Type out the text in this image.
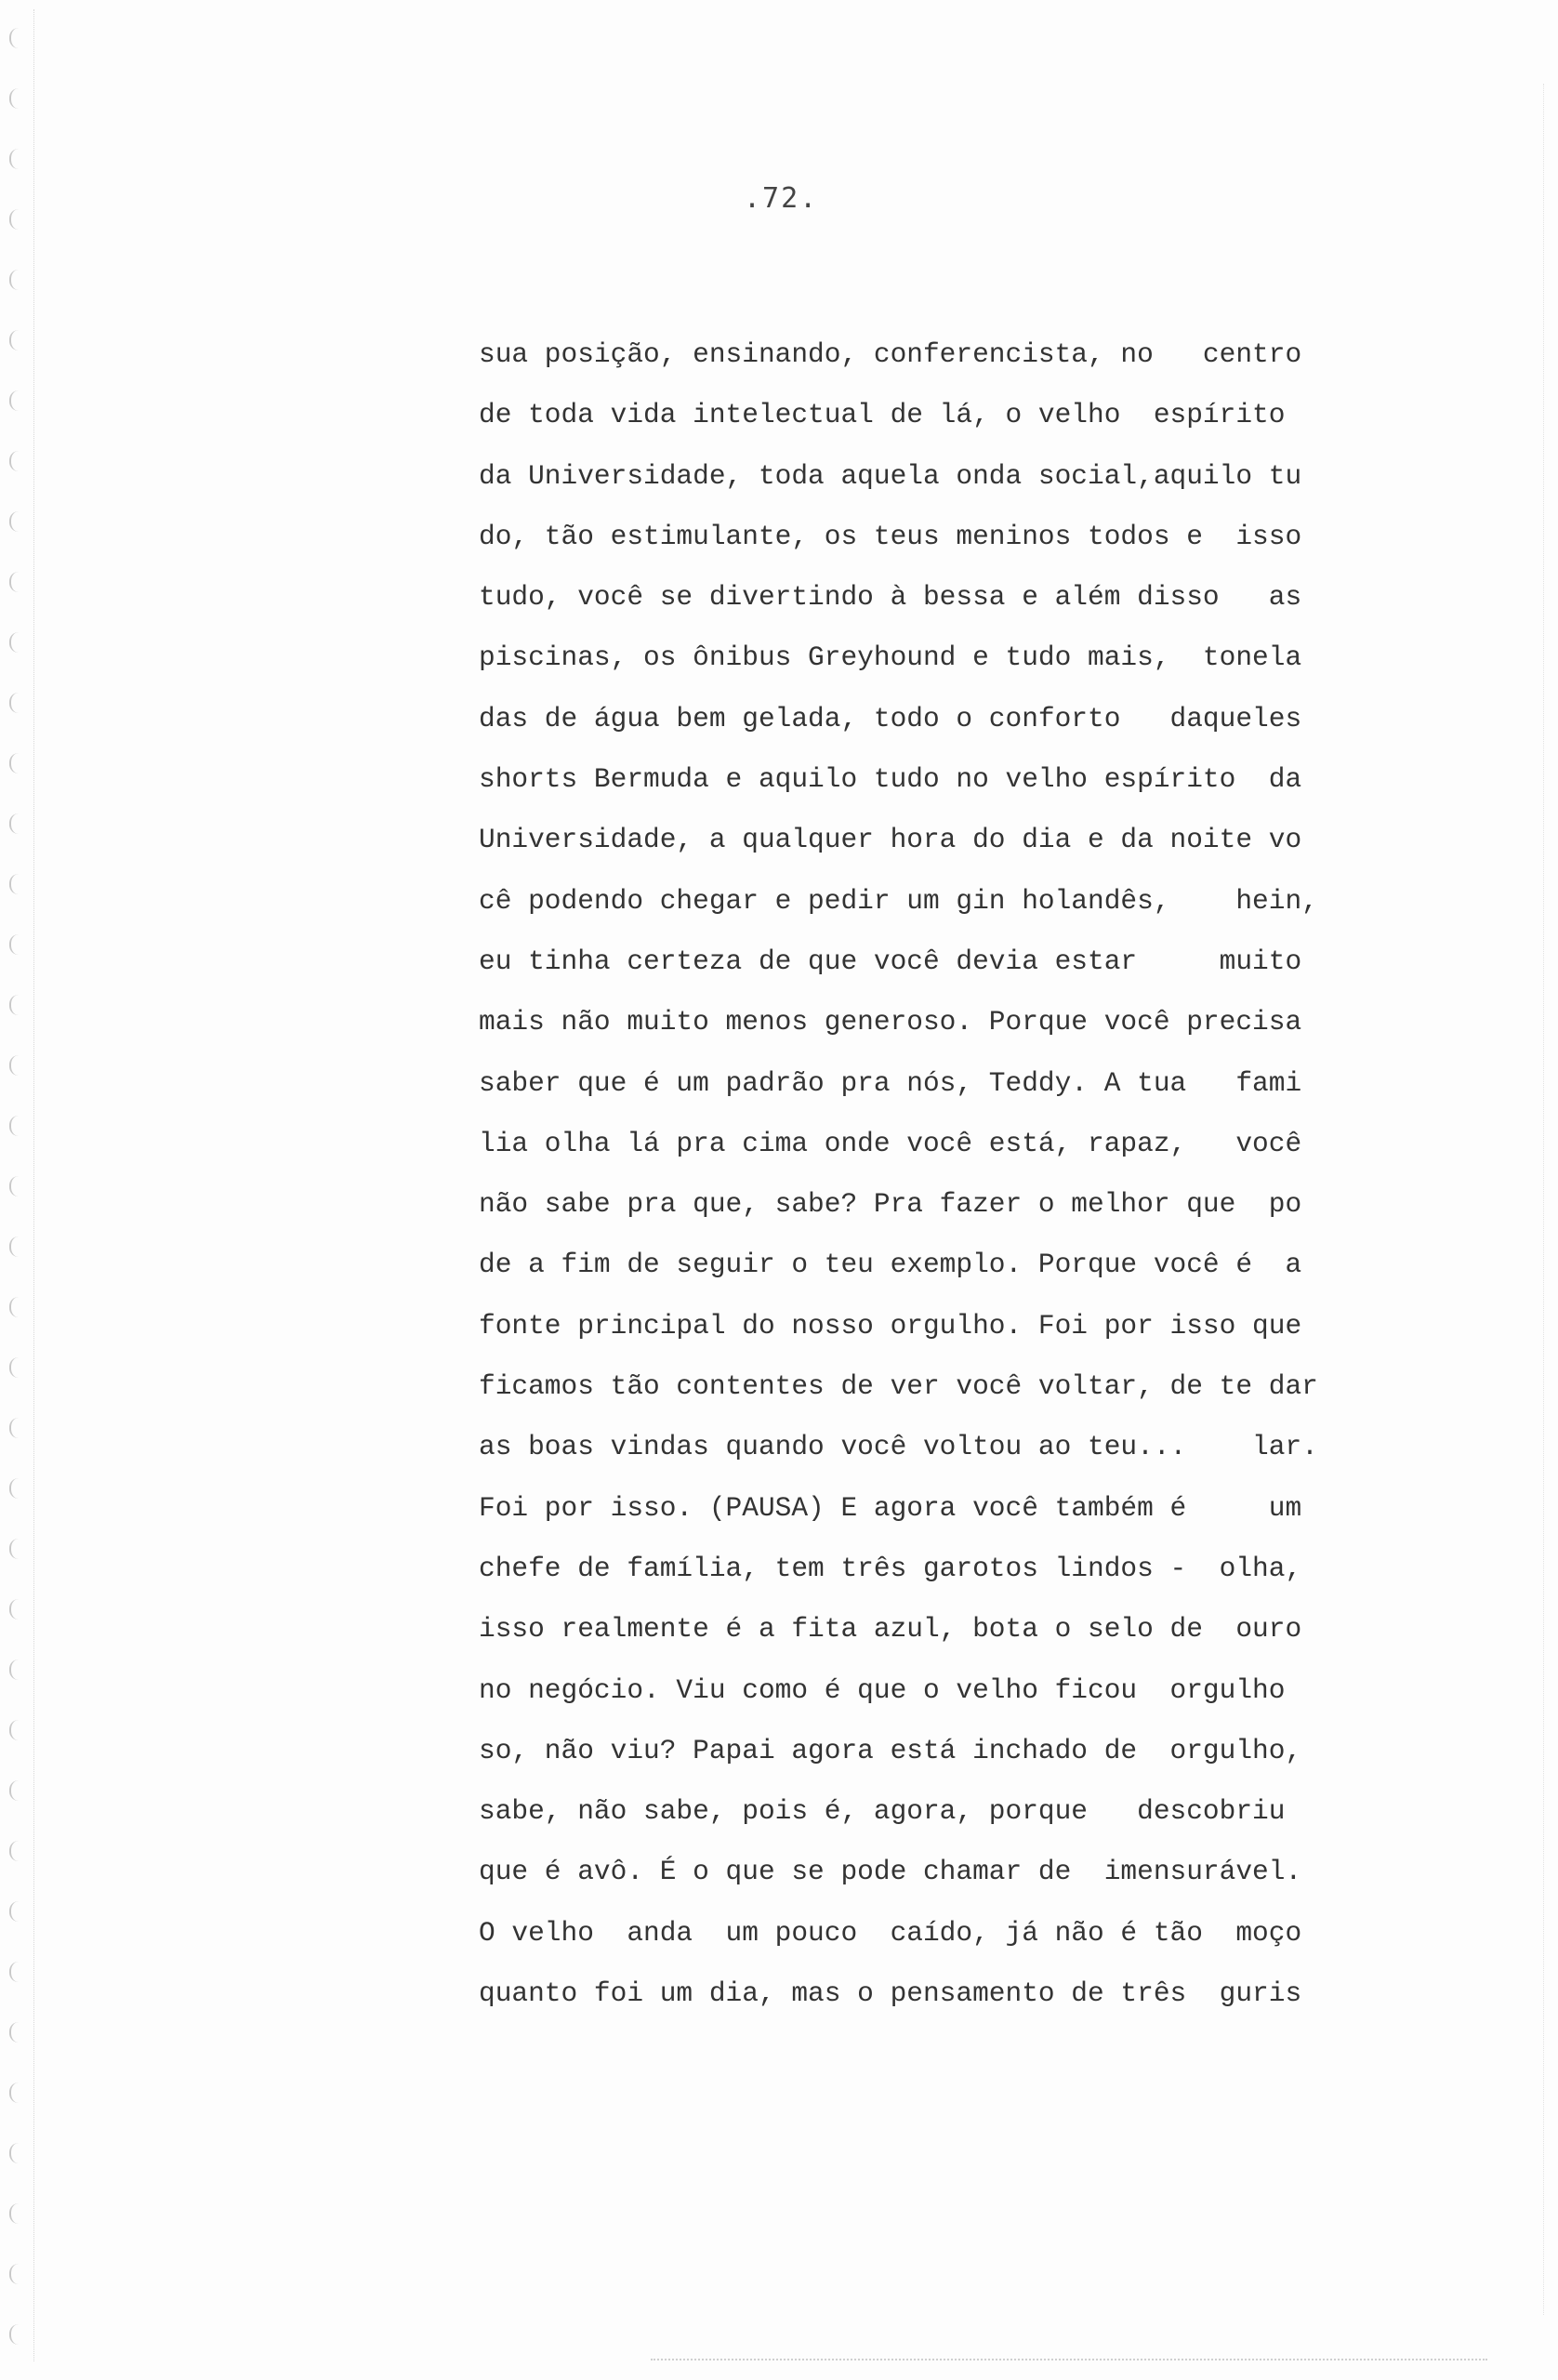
.72.
sua posição, ensinando, conferencista, no   centro
de toda vida intelectual de lá, o velho  espírito
da Universidade, toda aquela onda social,aquilo tu
do, tão estimulante, os teus meninos todos e  isso
tudo, você se divertindo à bessa e além disso   as
piscinas, os ônibus Greyhound e tudo mais,  tonela
das de água bem gelada, todo o conforto   daqueles
shorts Bermuda e aquilo tudo no velho espírito  da
Universidade, a qualquer hora do dia e da noite vo
cê podendo chegar e pedir um gin holandês,    hein,
eu tinha certeza de que você devia estar     muito
mais não muito menos generoso. Porque você precisa
saber que é um padrão pra nós, Teddy. A tua   fami
lia olha lá pra cima onde você está, rapaz,   você
não sabe pra que, sabe? Pra fazer o melhor que  po
de a fim de seguir o teu exemplo. Porque você é  a
fonte principal do nosso orgulho. Foi por isso que
ficamos tão contentes de ver você voltar, de te dar
as boas vindas quando você voltou ao teu...    lar.
Foi por isso. (PAUSA) E agora você também é     um
chefe de família, tem três garotos lindos -  olha,
isso realmente é a fita azul, bota o selo de  ouro
no negócio. Viu como é que o velho ficou  orgulho
so, não viu? Papai agora está inchado de  orgulho,
sabe, não sabe, pois é, agora, porque   descobriu
que é avô. É o que se pode chamar de  imensurável.
O velho  anda  um pouco  caído, já não é tão  moço
quanto foi um dia, mas o pensamento de três  guris
